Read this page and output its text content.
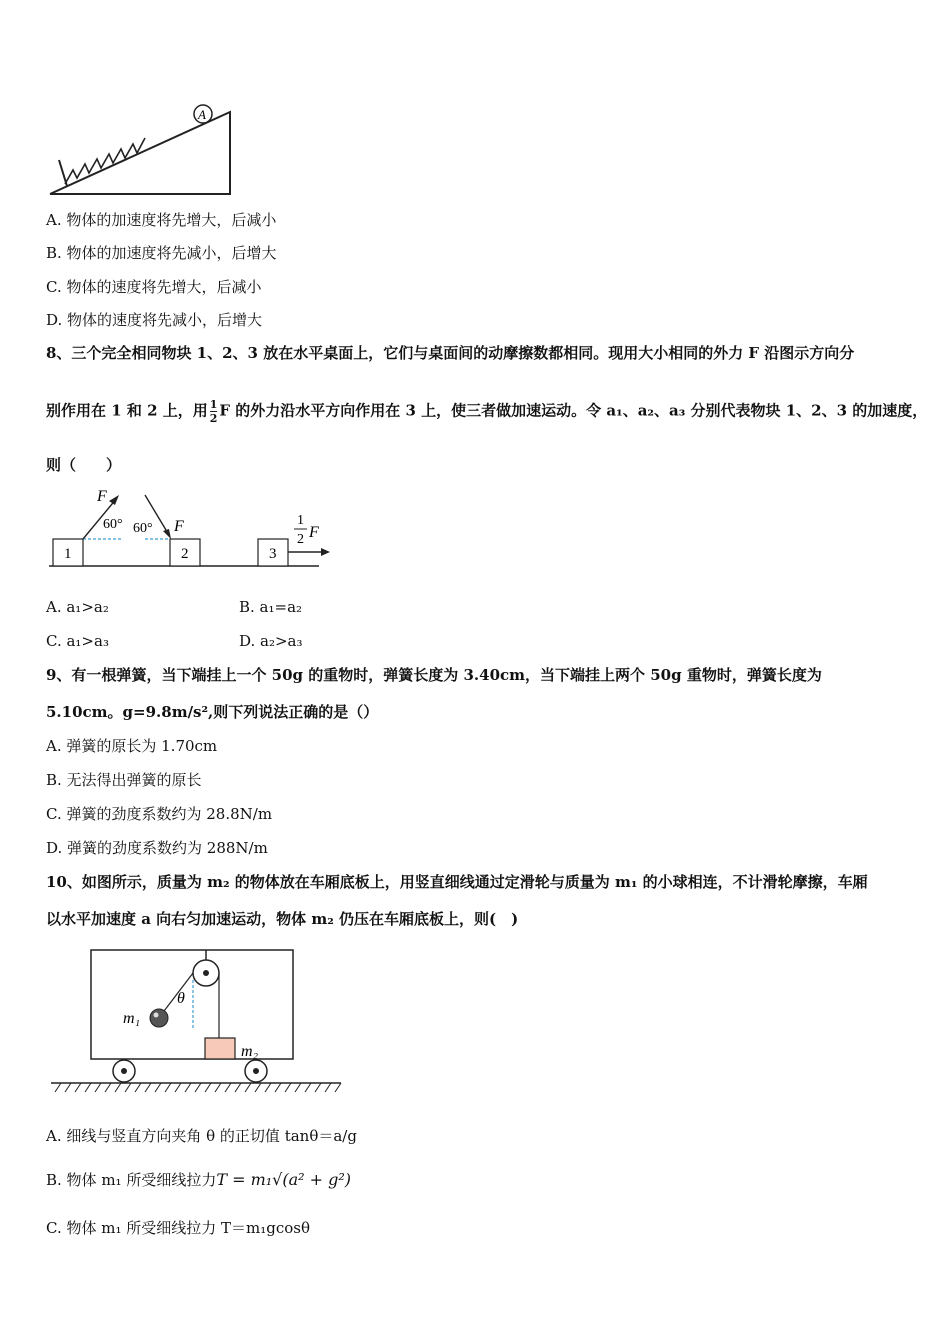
A
A. 物体的加速度将先增大，后减小
B. 物体的加速度将先减小，后增大
C. 物体的速度将先增大，后减小
D. 物体的速度将先减小，后增大
8、三个完全相同物块 1、2、3 放在水平桌面上，它们与桌面间的动摩擦数都相同。现用大小相同的外力 F 沿图示方向分
别作用在 1 和 2 上，用 $\frac{1}{2}$ F 的外力沿水平方向作用在 3 上，使三者做加速运动。令 a₁、a₂、a₃ 分别代表物块 1、2、3 的加速度，
则（　　）
1	2	3
F
60° 60° F	1
2 F
A. a₁>a₂	B. a₁=a₂
C. a₁>a₃	D. a₂>a₃
9、有一根弹簧，当下端挂上一个 50g 的重物时，弹簧长度为 3.40cm，当下端挂上两个 50g 重物时，弹簧长度为
5.10cm。g=9.8m/s²,则下列说法正确的是（）
A. 弹簧的原长为 1.70cm
B. 无法得出弹簧的原长
C. 弹簧的劲度系数约为 28.8N/m
D. 弹簧的劲度系数约为 288N/m
10、如图所示，质量为 m₂ 的物体放在车厢底板上，用竖直细线通过定滑轮与质量为 m₁ 的小球相连，不计滑轮摩擦，车厢
以水平加速度 a 向右匀加速运动，物体 m₂ 仍压在车厢底板上，则(　)
m₁
θ
m₂
A. 细线与竖直方向夹角 θ 的正切值 tanθ＝a/g
B. 物体 m₁ 所受细线拉力T = m₁√(a² + g²)
C. 物体 m₁ 所受细线拉力 T＝m₁gcosθ
